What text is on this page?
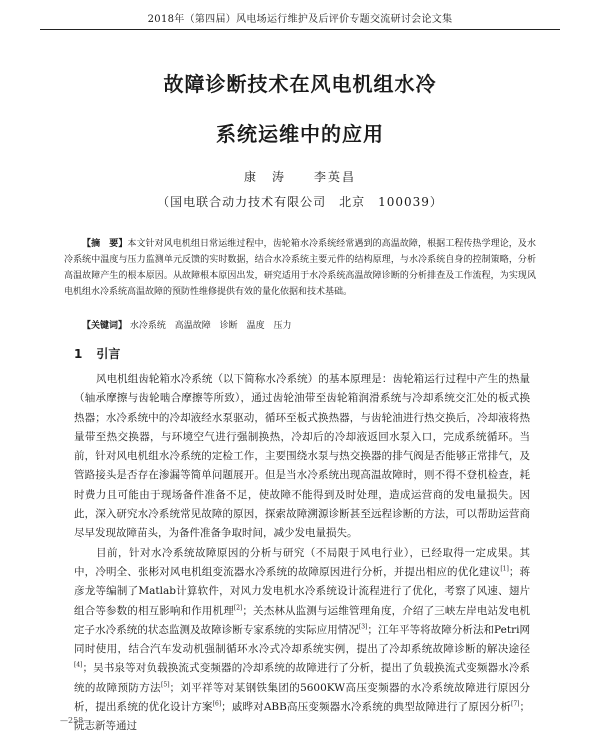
2018年（第四届）风电场运行维护及后评价专题交流研讨会论文集
故障诊断技术在风电机组水冷
系统运维中的应用
康　涛　　李英昌
（国电联合动力技术有限公司　北京　100039）
【摘　要】本文针对风电机组日常运维过程中，齿轮箱水冷系统经常遇到的高温故障，根据工程传热学理论，及水冷系统中温度与压力监测单元反馈的实时数据，结合水冷系统主要元件的结构原理，与水冷系统自身的控制策略，分析高温故障产生的根本原因。从故障根本原因出发，研究适用于水冷系统高温故障诊断的分析排查及工作流程，为实现风电机组水冷系统高温故障的预防性维修提供有效的量化依据和技术基础。
【关键词】 水冷系统 高温故障 诊断 温度 压力
1 引言

风电机组齿轮箱水冷系统（以下简称水冷系统）的基本原理是：齿轮箱运行过程中产生的热量（轴承摩擦与齿轮啮合摩擦等所致），通过齿轮油带至齿轮箱润滑系统与冷却系统交汇处的板式换热器；水冷系统中的冷却液经水泵驱动，循环至板式换热器，与齿轮油进行热交换后，冷却液将热量带至热交换器，与环境空气进行强制换热，冷却后的冷却液返回水泵入口，完成系统循环。当前，针对风电机组水冷系统的定检工作，主要围绕水泵与热交换器的排气阀是否能够正常排气，及管路接头是否存在渗漏等简单问题展开。但是当水冷系统出现高温故障时，则不得不登机检查，耗时费力且可能由于现场备件准备不足，使故障不能得到及时处理，造成运营商的发电量损失。因此，深入研究水冷系统常见故障的原因，探索故障溯源诊断甚至远程诊断的方法，可以帮助运营商尽早发现故障苗头，为备件准备争取时间，减少发电量损失。

目前，针对水冷系统故障原因的分析与研究（不局限于风电行业），已经取得一定成果。其中，冷明全、张彬对风电机组变流器水冷系统的故障原因进行分析，并提出相应的优化建议[1]；蒋彦龙等编制了Matlab计算软件，对风力发电机水冷系统设计流程进行了优化，考察了风速、翅片组合等参数的相互影响和作用机理[2]；关杰林从监测与运维管理角度，介绍了三峡左岸电站发电机定子水冷系统的状态监测及故障诊断专家系统的实际应用情况[3]；江年平等将故障分析法和Petri网同时使用，结合汽车发动机强制循环水冷式冷却系统实例，提出了冷却系统故障诊断的解决途径[4]；吴书泉等对负载换流式变频器的冷却系统的故障进行了分析，提出了负载换流式变频器水冷系统的故障预防方法[5]；刘平祥等对某钢铁集团的5600KW高压变频器的水冷系统故障进行原因分析，提出系统的优化设计方案[6]；戚晔对ABB高压变频器水冷系统的典型故障进行了原因分析[7]；阮志新等通过

—258—
